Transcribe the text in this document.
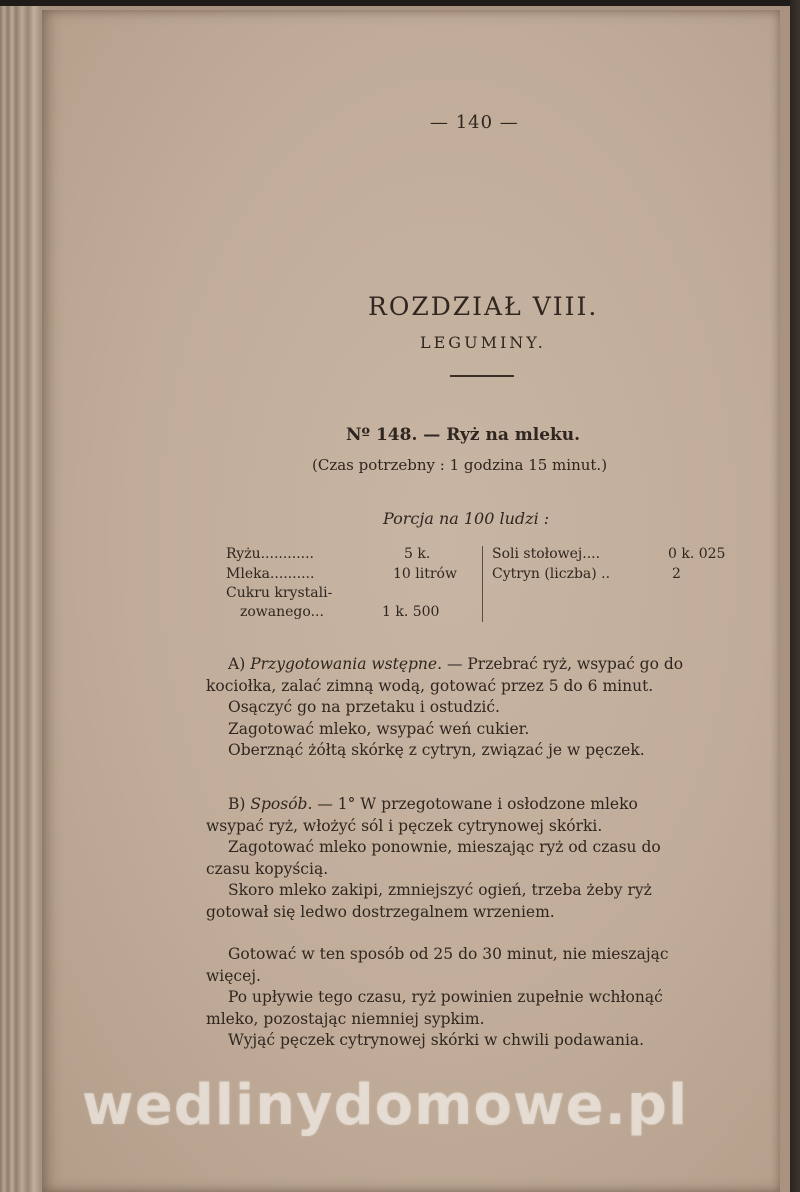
— 140 —
ROZDZIAŁ VIII.
LEGUMINY.
Nº 148. — Ryż na mleku.
(Czas potrzebny : 1 godzina 15 minut.)
Porcja na 100 ludzi :
Ryżu............	5 k.
Mleka..........	10 litrów
Cukru krystali-
zowanego...	1 k. 500
Soli stołowej....	0 k. 025
Cytryn (liczba) ..	2
A) Przygotowania wstępne. — Przebrać ryż, wsypać go do
kociołka, zalać zimną wodą, gotować przez 5 do 6 minut.
Osączyć go na przetaku i ostudzić.
Zagotować mleko, wsypać weń cukier.
Oberznąć żółtą skórkę z cytryn, związać je w pęczek.
B) Sposób. — 1° W przegotowane i osłodzone mleko
wsypać ryż, włożyć sól i pęczek cytrynowej skórki.
Zagotować mleko ponownie, mieszając ryż od czasu do
czasu kopyścią.
Skoro mleko zakipi, zmniejszyć ogień, trzeba żeby ryż
gotował się ledwo dostrzegalnem wrzeniem.
Gotować w ten sposób od 25 do 30 minut, nie mieszając
więcej.
Po upływie tego czasu, ryż powinien zupełnie wchłonąć
mleko, pozostając niemniej sypkim.
Wyjąć pęczek cytrynowej skórki w chwili podawania.
wedlinydomowe.pl
